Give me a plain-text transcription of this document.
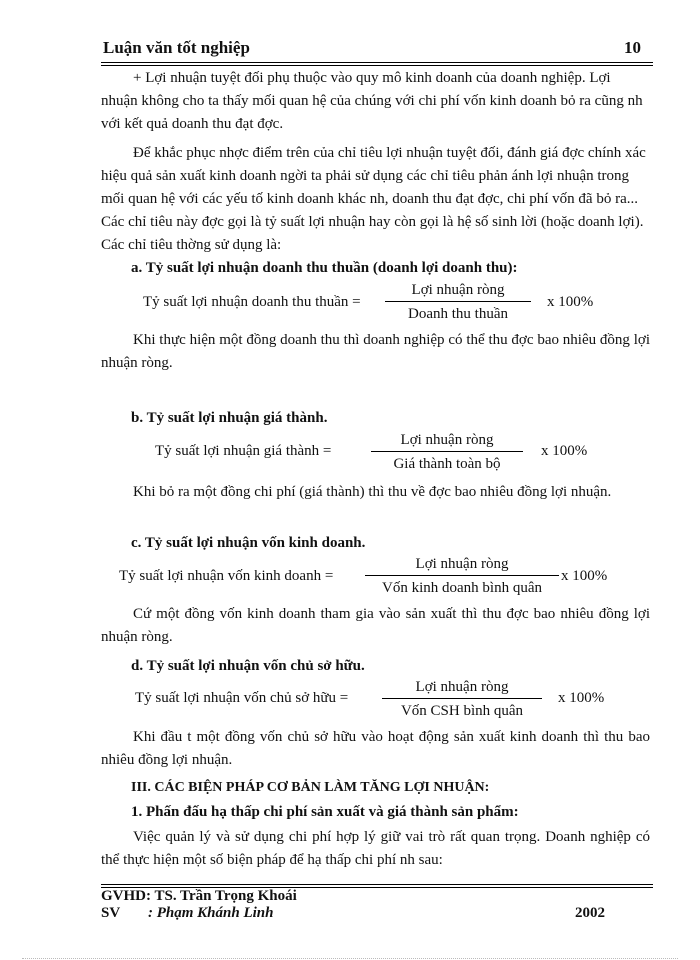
Luận văn tốt nghiệp	10
+ Lợi nhuận tuyệt đối phụ thuộc vào quy mô kinh doanh của doanh nghiệp. Lợi nhuận không cho ta thấy mối quan hệ của chúng với chi phí vốn kinh doanh bỏ ra cũng nh với kết quả doanh thu đạt đợc.
Để khắc phục nhợc điểm trên của chỉ tiêu lợi nhuận tuyệt đối, đánh giá đợc chính xác hiệu quả sản xuất kinh doanh ngời ta phải sử dụng các chỉ tiêu phản ánh lợi nhuận trong mối quan hệ với các yếu tố kinh doanh khác nh, doanh thu đạt đợc, chi phí vốn đã bỏ ra... Các chỉ tiêu này đợc gọi là tỷ suất lợi nhuận hay còn gọi là hệ số sinh lời (hoặc doanh lợi). Các chỉ tiêu thờng sử dụng là:
a. Tỷ suất lợi nhuận doanh thu thuần (doanh lợi doanh thu):
Tỷ suất lợi nhuận doanh thu thuần =
Lợi nhuận ròng
Doanh thu thuần
x 100%
Khi thực hiện một đồng doanh thu thì doanh nghiệp có thể thu đợc bao nhiêu đồng lợi nhuận ròng.
b. Tỷ suất lợi nhuận giá thành.
Tỷ suất lợi nhuận giá thành =
Lợi nhuận ròng
Giá thành toàn bộ
x 100%
Khi bỏ ra một đồng chi phí (giá thành) thì thu về đợc bao nhiêu đồng lợi nhuận.
c. Tỷ suất lợi nhuận vốn kinh doanh.
Tỷ suất lợi nhuận vốn kinh doanh =
Lợi nhuận ròng
Vốn kinh doanh bình quân
x 100%
Cứ một đồng vốn kinh doanh tham gia vào sản xuất thì thu đợc bao nhiêu đồng lợi nhuận ròng.
d. Tỷ suất lợi nhuận vốn chủ sở hữu.
Tỷ suất lợi nhuận vốn chủ sở hữu =
Lợi nhuận ròng
Vốn CSH bình quân
x 100%
Khi đầu t một đồng vốn chủ sở hữu vào hoạt động sản xuất kinh doanh thì thu bao nhiêu đồng lợi nhuận.
III. CÁC BIỆN PHÁP CƠ BẢN LÀM TĂNG LỢI NHUẬN:
1. Phấn đấu hạ thấp chi phí sản xuất và giá thành sản phẩm:
Việc quản lý và sử dụng chi phí hợp lý giữ vai trò rất quan trọng. Doanh nghiệp có thể thực hiện một số biện pháp để hạ thấp chi phí nh sau:
GVHD: TS. Trần Trọng Khoái
SV	: Phạm Khánh Linh	2002
